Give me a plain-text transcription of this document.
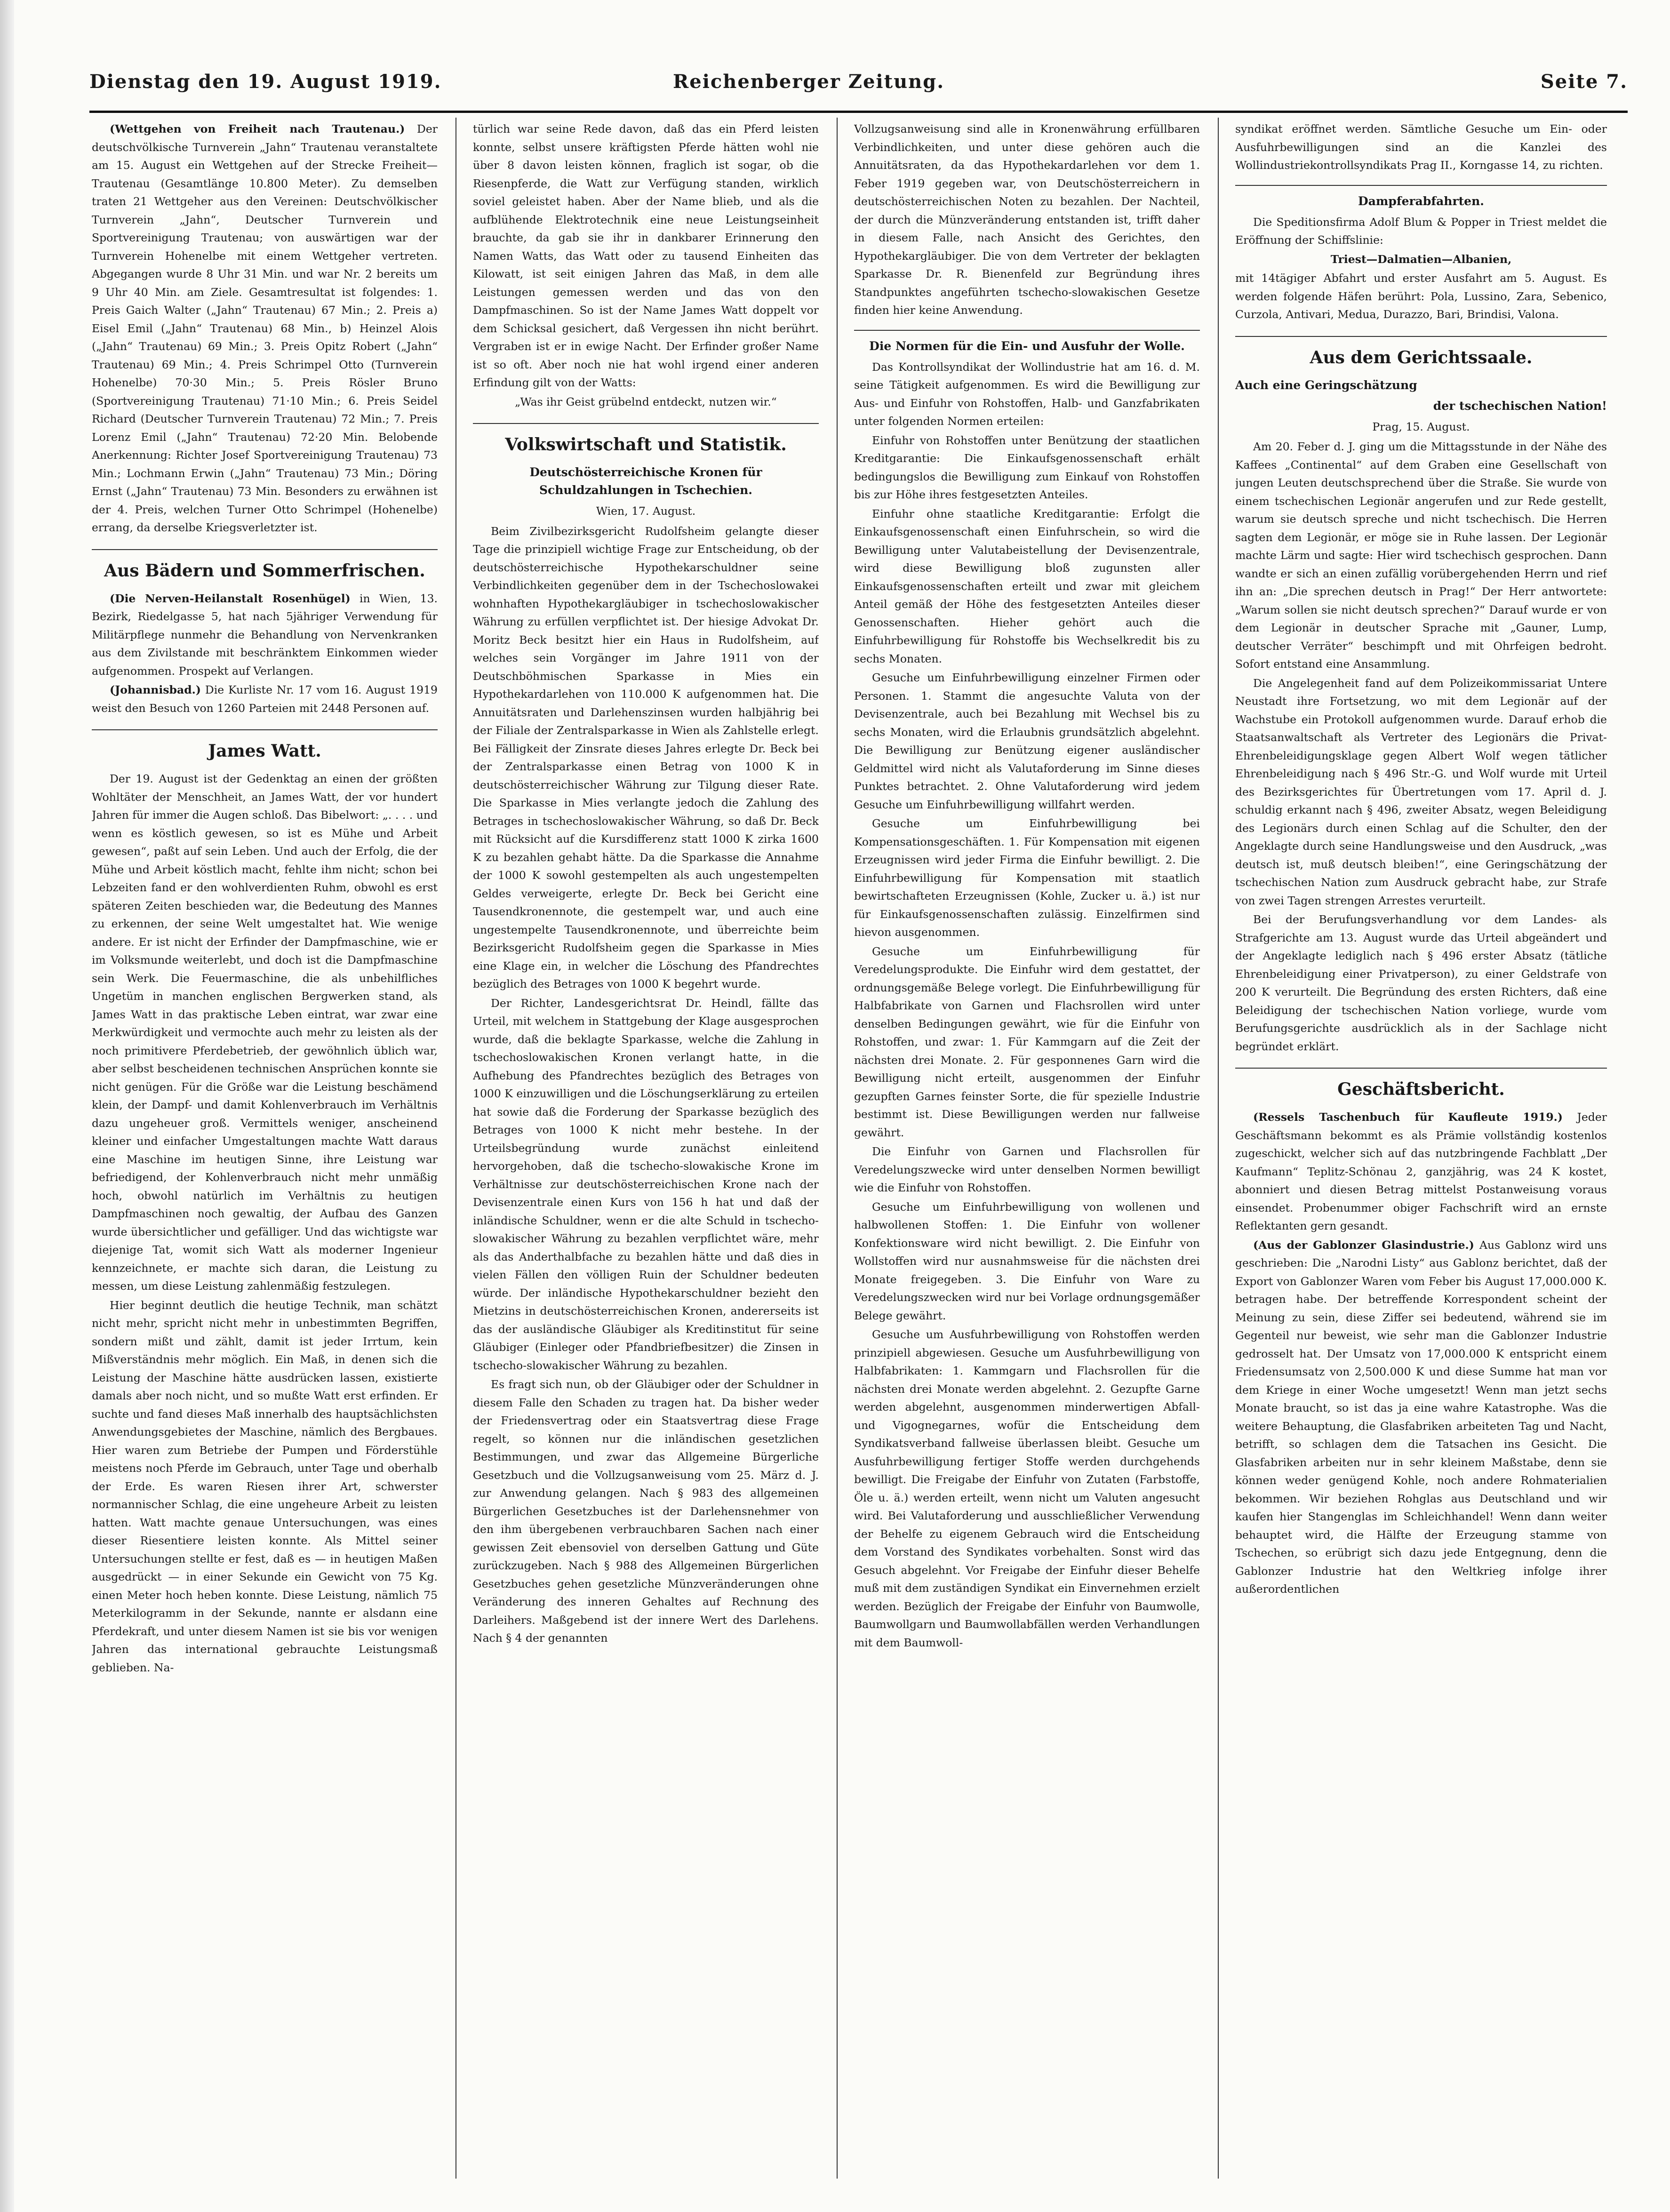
Dienstag den 19. August 1919.	Reichenberger Zeitung.	Seite 7.

(Wettgehen von Freiheit nach Trautenau.) Der deutschvölkische Turnverein „Jahn“ Trautenau veranstaltete am 15. August ein Wettgehen auf der Strecke Freiheit—Trautenau (Gesamtlänge 10.800 Meter). Zu demselben traten 21 Wettgeher aus den Vereinen: Deutschvölkischer Turnverein „Jahn“, Deutscher Turnverein und Sportvereinigung Trautenau; von auswärtigen war der Turnverein Hohenelbe mit einem Wettgeher vertreten. Abgegangen wurde 8 Uhr 31 Min. und war Nr. 2 bereits um 9 Uhr 40 Min. am Ziele. Gesamtresultat ist folgendes: 1. Preis Gaich Walter („Jahn“ Trautenau) 67 Min.; 2. Preis a) Eisel Emil („Jahn“ Trautenau) 68 Min., b) Heinzel Alois („Jahn“ Trautenau) 69 Min.; 3. Preis Opitz Robert („Jahn“ Trautenau) 69 Min.; 4. Preis Schrimpel Otto (Turnverein Hohenelbe) 70·30 Min.; 5. Preis Rösler Bruno (Sportvereinigung Trautenau) 71·10 Min.; 6. Preis Seidel Richard (Deutscher Turnverein Trautenau) 72 Min.; 7. Preis Lorenz Emil („Jahn“ Trautenau) 72·20 Min. Belobende Anerkennung: Richter Josef Sportvereinigung Trautenau) 73 Min.; Lochmann Erwin („Jahn“ Trautenau) 73 Min.; Döring Ernst („Jahn“ Trautenau) 73 Min. Besonders zu erwähnen ist der 4. Preis, welchen Turner Otto Schrimpel (Hohenelbe) errang, da derselbe Kriegsverletzter ist.

Aus Bädern und Sommerfrischen.

(Die Nerven-Heilanstalt Rosenhügel) in Wien, 13. Bezirk, Riedelgasse 5, hat nach 5jähriger Verwendung für Militärpflege nunmehr die Behandlung von Nervenkranken aus dem Zivilstande mit beschränktem Einkommen wieder aufgenommen. Prospekt auf Verlangen.

(Johannisbad.) Die Kurliste Nr. 17 vom 16. August 1919 weist den Besuch von 1260 Parteien mit 2448 Personen auf.

James Watt.

Der 19. August ist der Gedenktag an einen der größten Wohltäter der Menschheit, an James Watt, der vor hundert Jahren für immer die Augen schloß. Das Bibelwort: „. . . . und wenn es köstlich gewesen, so ist es Mühe und Arbeit gewesen“, paßt auf sein Leben. Und auch der Erfolg, die der Mühe und Arbeit köstlich macht, fehlte ihm nicht; schon bei Lebzeiten fand er den wohlverdienten Ruhm, obwohl es erst späteren Zeiten beschieden war, die Bedeutung des Mannes zu erkennen, der seine Welt umgestaltet hat. Wie wenige andere. Er ist nicht der Erfinder der Dampfmaschine, wie er im Volksmunde weiterlebt, und doch ist die Dampfmaschine sein Werk. Die Feuermaschine, die als unbehilfliches Ungetüm in manchen englischen Bergwerken stand, als James Watt in das praktische Leben eintrat, war zwar eine Merkwürdigkeit und vermochte auch mehr zu leisten als der noch primitivere Pferdebetrieb, der gewöhnlich üblich war, aber selbst bescheidenen technischen Ansprüchen konnte sie nicht genügen. Für die Größe war die Leistung beschämend klein, der Dampf- und damit Kohlenverbrauch im Verhältnis dazu ungeheuer groß. Vermittels weniger, anscheinend kleiner und einfacher Umgestaltungen machte Watt daraus eine Maschine im heutigen Sinne, ihre Leistung war befriedigend, der Kohlenverbrauch nicht mehr unmäßig hoch, obwohl natürlich im Verhältnis zu heutigen Dampfmaschinen noch gewaltig, der Aufbau des Ganzen wurde übersichtlicher und gefälliger. Und das wichtigste war diejenige Tat, womit sich Watt als moderner Ingenieur kennzeichnete, er machte sich daran, die Leistung zu messen, um diese Leistung zahlenmäßig festzulegen.

Hier beginnt deutlich die heutige Technik, man schätzt nicht mehr, spricht nicht mehr in unbestimmten Begriffen, sondern mißt und zählt, damit ist jeder Irrtum, kein Mißverständnis mehr möglich. Ein Maß, in denen sich die Leistung der Maschine hätte ausdrücken lassen, existierte damals aber noch nicht, und so mußte Watt erst erfinden. Er suchte und fand dieses Maß innerhalb des hauptsächlichsten Anwendungsgebietes der Maschine, nämlich des Bergbaues. Hier waren zum Betriebe der Pumpen und Förderstühle meistens noch Pferde im Gebrauch, unter Tage und oberhalb der Erde. Es waren Riesen ihrer Art, schwerster normannischer Schlag, die eine ungeheure Arbeit zu leisten hatten. Watt machte genaue Untersuchungen, was eines dieser Riesentiere leisten konnte. Als Mittel seiner Untersuchungen stellte er fest, daß es — in heutigen Maßen ausgedrückt — in einer Sekunde ein Gewicht von 75 Kg. einen Meter hoch heben konnte. Diese Leistung, nämlich 75 Meterkilogramm in der Sekunde, nannte er alsdann eine Pferdekraft, und unter diesem Namen ist sie bis vor wenigen Jahren das international gebrauchte Leistungsmaß geblieben. Na-

türlich war seine Rede davon, daß das ein Pferd leisten konnte, selbst unsere kräftigsten Pferde hätten wohl nie über 8 davon leisten können, fraglich ist sogar, ob die Riesenpferde, die Watt zur Verfügung standen, wirklich soviel geleistet haben. Aber der Name blieb, und als die aufblühende Elektrotechnik eine neue Leistungseinheit brauchte, da gab sie ihr in dankbarer Erinnerung den Namen Watts, das Watt oder zu tausend Einheiten das Kilowatt, ist seit einigen Jahren das Maß, in dem alle Leistungen gemessen werden und das von den Dampfmaschinen. So ist der Name James Watt doppelt vor dem Schicksal gesichert, daß Vergessen ihn nicht berührt. Vergraben ist er in ewige Nacht. Der Erfinder großer Name ist so oft. Aber noch nie hat wohl irgend einer anderen Erfindung gilt von der Watts:

„Was ihr Geist grübelnd entdeckt, nutzen wir.“

Volkswirtschaft und Statistik.
Deutschösterreichische Kronen für Schuldzahlungen in Tschechien.
Wien, 17. August.

Beim Zivilbezirksgericht Rudolfsheim gelangte dieser Tage die prinzipiell wichtige Frage zur Entscheidung, ob der deutschösterreichische Hypothekarschuldner seine Verbindlichkeiten gegenüber dem in der Tschechoslowakei wohnhaften Hypothekargläubiger in tschechoslowakischer Währung zu erfüllen verpflichtet ist. Der hiesige Advokat Dr. Moritz Beck besitzt hier ein Haus in Rudolfsheim, auf welches sein Vorgänger im Jahre 1911 von der Deutschböhmischen Sparkasse in Mies ein Hypothekardarlehen von 110.000 K aufgenommen hat. Die Annuitätsraten und Darlehenszinsen wurden halbjährig bei der Filiale der Zentralsparkasse in Wien als Zahlstelle erlegt. Bei Fälligkeit der Zinsrate dieses Jahres erlegte Dr. Beck bei der Zentralsparkasse einen Betrag von 1000 K in deutschösterreichischer Währung zur Tilgung dieser Rate. Die Sparkasse in Mies verlangte jedoch die Zahlung des Betrages in tschechoslowakischer Währung, so daß Dr. Beck mit Rücksicht auf die Kursdifferenz statt 1000 K zirka 1600 K zu bezahlen gehabt hätte. Da die Sparkasse die Annahme der 1000 K sowohl gestempelten als auch ungestempelten Geldes verweigerte, erlegte Dr. Beck bei Gericht eine Tausendkronennote, die gestempelt war, und auch eine ungestempelte Tausendkronennote, und überreichte beim Bezirksgericht Rudolfsheim gegen die Sparkasse in Mies eine Klage ein, in welcher die Löschung des Pfandrechtes bezüglich des Betrages von 1000 K begehrt wurde.

Der Richter, Landesgerichtsrat Dr. Heindl, fällte das Urteil, mit welchem in Stattgebung der Klage ausgesprochen wurde, daß die beklagte Sparkasse, welche die Zahlung in tschechoslowakischen Kronen verlangt hatte, in die Aufhebung des Pfandrechtes bezüglich des Betrages von 1000 K einzuwilligen und die Löschungserklärung zu erteilen hat sowie daß die Forderung der Sparkasse bezüglich des Betrages von 1000 K nicht mehr bestehe. In der Urteilsbegründung wurde zunächst einleitend hervorgehoben, daß die tschecho-slowakische Krone im Verhältnisse zur deutschösterreichischen Krone nach der Devisenzentrale einen Kurs von 156 h hat und daß der inländische Schuldner, wenn er die alte Schuld in tschecho-slowakischer Währung zu bezahlen verpflichtet wäre, mehr als das Anderthalbfache zu bezahlen hätte und daß dies in vielen Fällen den völligen Ruin der Schuldner bedeuten würde. Der inländische Hypothekarschuldner bezieht den Mietzins in deutschösterreichischen Kronen, andererseits ist das der ausländische Gläubiger als Kreditinstitut für seine Gläubiger (Einleger oder Pfandbriefbesitzer) die Zinsen in tschecho-slowakischer Währung zu bezahlen.

Es fragt sich nun, ob der Gläubiger oder der Schuldner in diesem Falle den Schaden zu tragen hat. Da bisher weder der Friedensvertrag oder ein Staatsvertrag diese Frage regelt, so können nur die inländischen gesetzlichen Bestimmungen, und zwar das Allgemeine Bürgerliche Gesetzbuch und die Vollzugsanweisung vom 25. März d. J. zur Anwendung gelangen. Nach § 983 des allgemeinen Bürgerlichen Gesetzbuches ist der Darlehensnehmer von den ihm übergebenen verbrauchbaren Sachen nach einer gewissen Zeit ebensoviel von derselben Gattung und Güte zurückzugeben. Nach § 988 des Allgemeinen Bürgerlichen Gesetzbuches gehen gesetzliche Münzveränderungen ohne Veränderung des inneren Gehaltes auf Rechnung des Darleihers. Maßgebend ist der innere Wert des Darlehens. Nach § 4 der genannten

Vollzugsanweisung sind alle in Kronenwährung erfüllbaren Verbindlichkeiten, und unter diese gehören auch die Annuitätsraten, da das Hypothekardarlehen vor dem 1. Feber 1919 gegeben war, von Deutschösterreichern in deutschösterreichischen Noten zu bezahlen. Der Nachteil, der durch die Münzveränderung entstanden ist, trifft daher in diesem Falle, nach Ansicht des Gerichtes, den Hypothekargläubiger. Die von dem Vertreter der beklagten Sparkasse Dr. R. Bienenfeld zur Begründung ihres Standpunktes angeführten tschecho-slowakischen Gesetze finden hier keine Anwendung.

Die Normen für die Ein- und Ausfuhr der Wolle.

Das Kontrollsyndikat der Wollindustrie hat am 16. d. M. seine Tätigkeit aufgenommen. Es wird die Bewilligung zur Aus- und Einfuhr von Rohstoffen, Halb- und Ganzfabrikaten unter folgenden Normen erteilen:

Einfuhr von Rohstoffen unter Benützung der staatlichen Kreditgarantie: Die Einkaufsgenossenschaft erhält bedingungslos die Bewilligung zum Einkauf von Rohstoffen bis zur Höhe ihres festgesetzten Anteiles.

Einfuhr ohne staatliche Kreditgarantie: Erfolgt die Einkaufsgenossenschaft einen Einfuhrschein, so wird die Bewilligung unter Valutabeistellung der Devisenzentrale, wird diese Bewilligung bloß zugunsten aller Einkaufsgenossenschaften erteilt und zwar mit gleichem Anteil gemäß der Höhe des festgesetzten Anteiles dieser Genossenschaften. Hieher gehört auch die Einfuhrbewilligung für Rohstoffe bis Wechselkredit bis zu sechs Monaten.

Gesuche um Einfuhrbewilligung einzelner Firmen oder Personen. 1. Stammt die angesuchte Valuta von der Devisenzentrale, auch bei Bezahlung mit Wechsel bis zu sechs Monaten, wird die Erlaubnis grundsätzlich abgelehnt. Die Bewilligung zur Benützung eigener ausländischer Geldmittel wird nicht als Valutaforderung im Sinne dieses Punktes betrachtet. 2. Ohne Valutaforderung wird jedem Gesuche um Einfuhrbewilligung willfahrt werden.

Gesuche um Einfuhrbewilligung bei Kompensationsgeschäften. 1. Für Kompensation mit eigenen Erzeugnissen wird jeder Firma die Einfuhr bewilligt. 2. Die Einfuhrbewilligung für Kompensation mit staatlich bewirtschafteten Erzeugnissen (Kohle, Zucker u. ä.) ist nur für Einkaufsgenossenschaften zulässig. Einzelfirmen sind hievon ausgenommen.

Gesuche um Einfuhrbewilligung für Veredelungsprodukte. Die Einfuhr wird dem gestattet, der ordnungsgemäße Belege vorlegt. Die Einfuhrbewilligung für Halbfabrikate von Garnen und Flachsrollen wird unter denselben Bedingungen gewährt, wie für die Einfuhr von Rohstoffen, und zwar: 1. Für Kammgarn auf die Zeit der nächsten drei Monate. 2. Für gesponnenes Garn wird die Bewilligung nicht erteilt, ausgenommen der Einfuhr gezupften Garnes feinster Sorte, die für spezielle Industrie bestimmt ist. Diese Bewilligungen werden nur fallweise gewährt.

Die Einfuhr von Garnen und Flachsrollen für Veredelungszwecke wird unter denselben Normen bewilligt wie die Einfuhr von Rohstoffen.

Gesuche um Einfuhrbewilligung von wollenen und halbwollenen Stoffen: 1. Die Einfuhr von wollener Konfektionsware wird nicht bewilligt. 2. Die Einfuhr von Wollstoffen wird nur ausnahmsweise für die nächsten drei Monate freigegeben. 3. Die Einfuhr von Ware zu Veredelungszwecken wird nur bei Vorlage ordnungsgemäßer Belege gewährt.

Gesuche um Ausfuhrbewilligung von Rohstoffen werden prinzipiell abgewiesen. Gesuche um Ausfuhrbewilligung von Halbfabrikaten: 1. Kammgarn und Flachsrollen für die nächsten drei Monate werden abgelehnt. 2. Gezupfte Garne werden abgelehnt, ausgenommen minderwertigen Abfall- und Vigognegarnes, wofür die Entscheidung dem Syndikatsverband fallweise überlassen bleibt. Gesuche um Ausfuhrbewilligung fertiger Stoffe werden durchgehends bewilligt. Die Freigabe der Einfuhr von Zutaten (Farbstoffe, Öle u. ä.) werden erteilt, wenn nicht um Valuten angesucht wird. Bei Valutaforderung und ausschließlicher Verwendung der Behelfe zu eigenem Gebrauch wird die Entscheidung dem Vorstand des Syndikates vorbehalten. Sonst wird das Gesuch abgelehnt. Vor Freigabe der Einfuhr dieser Behelfe muß mit dem zuständigen Syndikat ein Einvernehmen erzielt werden. Bezüglich der Freigabe der Einfuhr von Baumwolle, Baumwollgarn und Baumwollabfällen werden Verhandlungen mit dem Baumwoll-

syndikat eröffnet werden. Sämtliche Gesuche um Ein- oder Ausfuhrbewilligungen sind an die Kanzlei des Wollindustriekontrollsyndikats Prag II., Korngasse 14, zu richten.

Dampferabfahrten.

Die Speditionsfirma Adolf Blum & Popper in Triest meldet die Eröffnung der Schiffslinie:

Triest—Dalmatien—Albanien,

mit 14tägiger Abfahrt und erster Ausfahrt am 5. August. Es werden folgende Häfen berührt: Pola, Lussino, Zara, Sebenico, Curzola, Antivari, Medua, Durazzo, Bari, Brindisi, Valona.

Aus dem Gerichtssaale.
Auch eine Geringschätzung
der tschechischen Nation!
Prag, 15. August.

Am 20. Feber d. J. ging um die Mittagsstunde in der Nähe des Kaffees „Continental“ auf dem Graben eine Gesellschaft von jungen Leuten deutschsprechend über die Straße. Sie wurde von einem tschechischen Legionär angerufen und zur Rede gestellt, warum sie deutsch spreche und nicht tschechisch. Die Herren sagten dem Legionär, er möge sie in Ruhe lassen. Der Legionär machte Lärm und sagte: Hier wird tschechisch gesprochen. Dann wandte er sich an einen zufällig vorübergehenden Herrn und rief ihn an: „Die sprechen deutsch in Prag!“ Der Herr antwortete: „Warum sollen sie nicht deutsch sprechen?“ Darauf wurde er von dem Legionär in deutscher Sprache mit „Gauner, Lump, deutscher Verräter“ beschimpft und mit Ohrfeigen bedroht. Sofort entstand eine Ansammlung.

Die Angelegenheit fand auf dem Polizeikommissariat Untere Neustadt ihre Fortsetzung, wo mit dem Legionär auf der Wachstube ein Protokoll aufgenommen wurde. Darauf erhob die Staatsanwaltschaft als Vertreter des Legionärs die Privat-Ehrenbeleidigungsklage gegen Albert Wolf wegen tätlicher Ehrenbeleidigung nach § 496 Str.-G. und Wolf wurde mit Urteil des Bezirksgerichtes für Übertretungen vom 17. April d. J. schuldig erkannt nach § 496, zweiter Absatz, wegen Beleidigung des Legionärs durch einen Schlag auf die Schulter, den der Angeklagte durch seine Handlungsweise und den Ausdruck, „was deutsch ist, muß deutsch bleiben!“, eine Geringschätzung der tschechischen Nation zum Ausdruck gebracht habe, zur Strafe von zwei Tagen strengen Arrestes verurteilt.

Bei der Berufungsverhandlung vor dem Landes- als Strafgerichte am 13. August wurde das Urteil abgeändert und der Angeklagte lediglich nach § 496 erster Absatz (tätliche Ehrenbeleidigung einer Privatperson), zu einer Geldstrafe von 200 K verurteilt. Die Begründung des ersten Richters, daß eine Beleidigung der tschechischen Nation vorliege, wurde vom Berufungsgerichte ausdrücklich als in der Sachlage nicht begründet erklärt.

Geschäftsbericht.

(Ressels Taschenbuch für Kaufleute 1919.) Jeder Geschäftsmann bekommt es als Prämie vollständig kostenlos zugeschickt, welcher sich auf das nutzbringende Fachblatt „Der Kaufmann“ Teplitz-Schönau 2, ganzjährig, was 24 K kostet, abonniert und diesen Betrag mittelst Postanweisung voraus einsendet. Probenummer obiger Fachschrift wird an ernste Reflektanten gern gesandt.

(Aus der Gablonzer Glasindustrie.) Aus Gablonz wird uns geschrieben: Die „Narodni Listy“ aus Gablonz berichtet, daß der Export von Gablonzer Waren vom Feber bis August 17,000.000 K. betragen habe. Der betreffende Korrespondent scheint der Meinung zu sein, diese Ziffer sei bedeutend, während sie im Gegenteil nur beweist, wie sehr man die Gablonzer Industrie gedrosselt hat. Der Umsatz von 17,000.000 K entspricht einem Friedensumsatz von 2,500.000 K und diese Summe hat man vor dem Kriege in einer Woche umgesetzt! Wenn man jetzt sechs Monate braucht, so ist das ja eine wahre Katastrophe. Was die weitere Behauptung, die Glasfabriken arbeiteten Tag und Nacht, betrifft, so schlagen dem die Tatsachen ins Gesicht. Die Glasfabriken arbeiten nur in sehr kleinem Maßstabe, denn sie können weder genügend Kohle, noch andere Rohmaterialien bekommen. Wir beziehen Rohglas aus Deutschland und wir kaufen hier Stangenglas im Schleichhandel! Wenn dann weiter behauptet wird, die Hälfte der Erzeugung stamme von Tschechen, so erübrigt sich dazu jede Entgegnung, denn die Gablonzer Industrie hat den Weltkrieg infolge ihrer außerordentlichen
